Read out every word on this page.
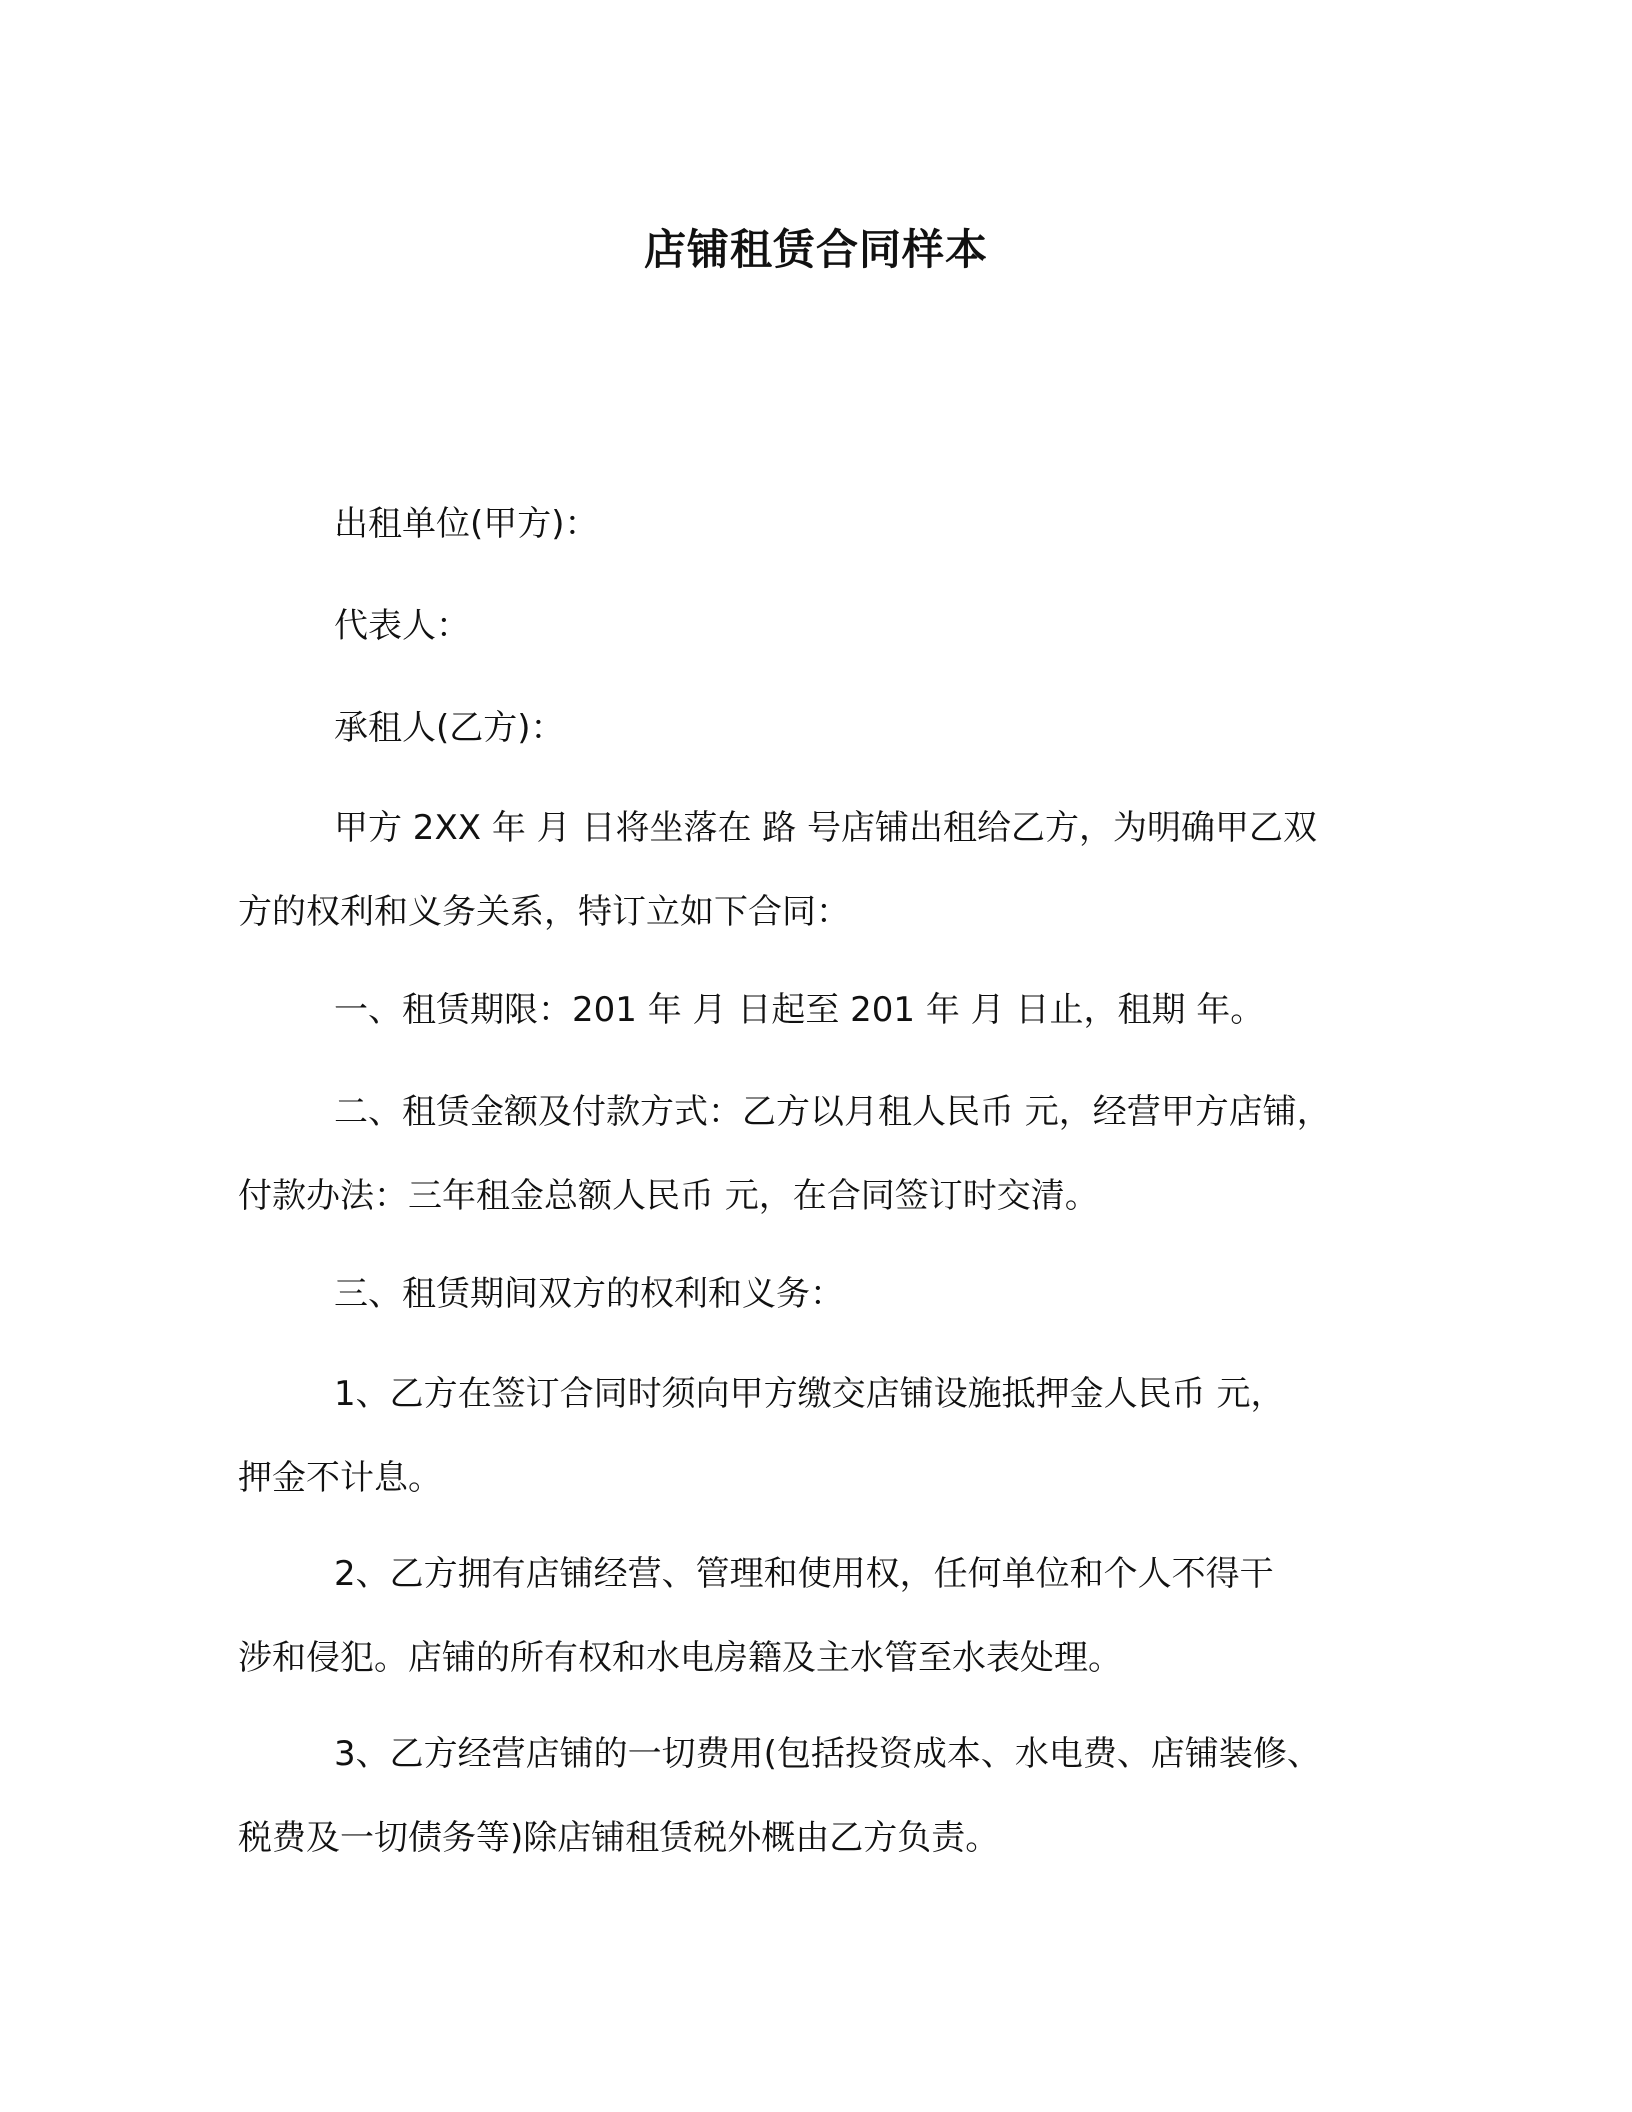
店铺租赁合同样本

出租单位(甲方)：

代表人：

承租人(乙方)：

甲方 2XX 年 月 日将坐落在 路 号店铺出租给乙方，为明确甲乙双
方的权利和义务关系，特订立如下合同：

一、租赁期限：201 年 月 日起至 201 年 月 日止，租期 年。

二、租赁金额及付款方式：乙方以月租人民币 元，经营甲方店铺，
付款办法：三年租金总额人民币 元，在合同签订时交清。

三、租赁期间双方的权利和义务：

1、乙方在签订合同时须向甲方缴交店铺设施抵押金人民币 元，
押金不计息。

2、乙方拥有店铺经营、管理和使用权，任何单位和个人不得干
涉和侵犯。店铺的所有权和水电房籍及主水管至水表处理。

3、乙方经营店铺的一切费用(包括投资成本、水电费、店铺装修、
税费及一切债务等)除店铺租赁税外概由乙方负责。
